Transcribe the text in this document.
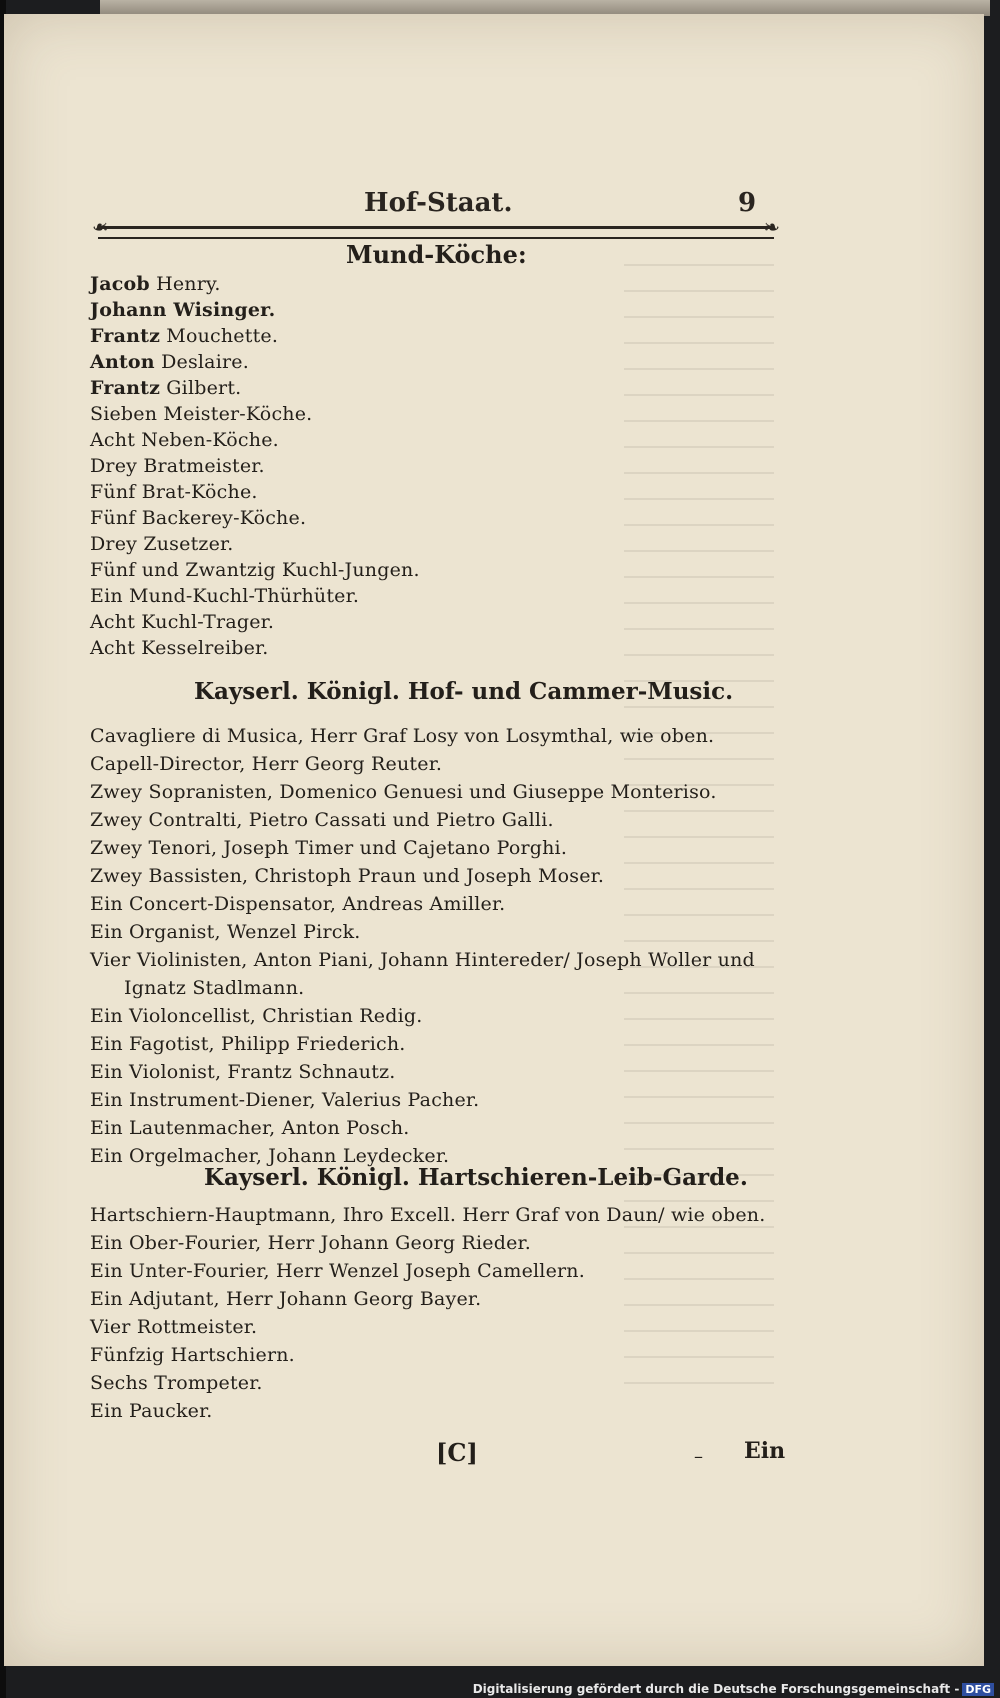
Hof-Staat.	9
❧ ❧
Mund-Köche:
Jacob Henry.
Johann Wisinger.
Frantz Mouchette.
Anton Deslaire.
Frantz Gilbert.
Sieben Meister-Köche.
Acht Neben-Köche.
Drey Bratmeister.
Fünf Brat-Köche.
Fünf Backerey-Köche.
Drey Zusetzer.
Fünf und Zwantzig Kuchl-Jungen.
Ein Mund-Kuchl-Thürhüter.
Acht Kuchl-Trager.
Acht Kesselreiber.
Kayserl. Königl. Hof- und Cammer-Music.
Cavagliere di Musica, Herr Graf Losy von Losymthal, wie oben.
Capell-Director, Herr Georg Reuter.
Zwey Sopranisten, Domenico Genuesi und Giuseppe Monteriso.
Zwey Contralti, Pietro Cassati und Pietro Galli.
Zwey Tenori, Joseph Timer und Cajetano Porghi.
Zwey Bassisten, Christoph Praun und Joseph Moser.
Ein Concert-Dispensator, Andreas Amiller.
Ein Organist, Wenzel Pirck.
Vier Violinisten, Anton Piani, Johann Hintereder/ Joseph Woller und
Ignatz Stadlmann.
Ein Violoncellist, Christian Redig.
Ein Fagotist, Philipp Friederich.
Ein Violonist, Frantz Schnautz.
Ein Instrument-Diener, Valerius Pacher.
Ein Lautenmacher, Anton Posch.
Ein Orgelmacher, Johann Leydecker.
Kayserl. Königl. Hartschieren-Leib-Garde.
Hartschiern-Hauptmann, Ihro Excell. Herr Graf von Daun/ wie oben.
Ein Ober-Fourier, Herr Johann Georg Rieder.
Ein Unter-Fourier, Herr Wenzel Joseph Camellern.
Ein Adjutant, Herr Johann Georg Bayer.
Vier Rottmeister.
Fünfzig Hartschiern.
Sechs Trompeter.
Ein Paucker.
[C]	– Ein
Digitalisierung gefördert durch die Deutsche Forschungsgemeinschaft - DFG
